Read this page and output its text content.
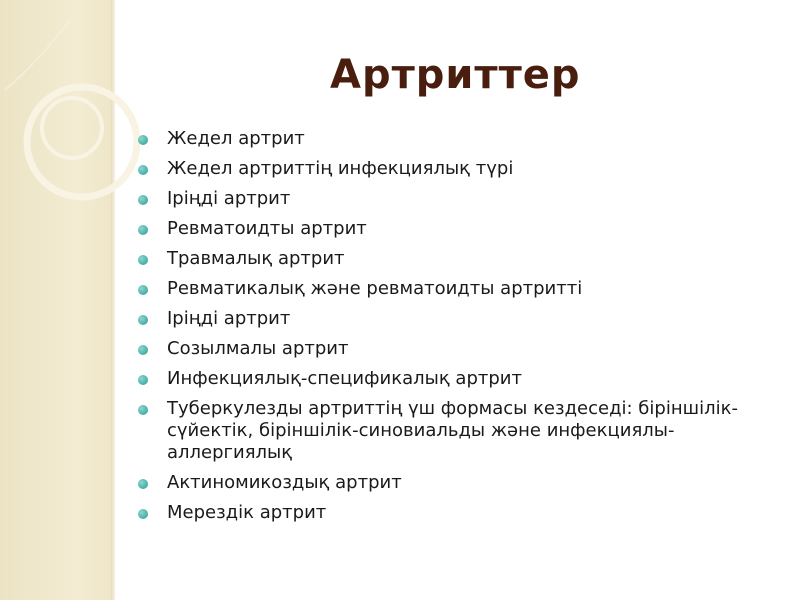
Артриттер
Жедел артрит
Жедел артриттің инфекциялық түрі
Іріңді артрит
Ревматоидты артрит
Травмалық артрит
Ревматикалық және ревматоидты артритті
Іріңді артрит
Созылмалы артрит
Инфекциялық-спецификалық артрит
Туберкулезды артриттің үш формасы кездеседі: біріншілік-сүйектік, біріншілік-синовиальды және инфекциялы-аллергиялық
Актиномикоздық артрит
Мерездік артрит
